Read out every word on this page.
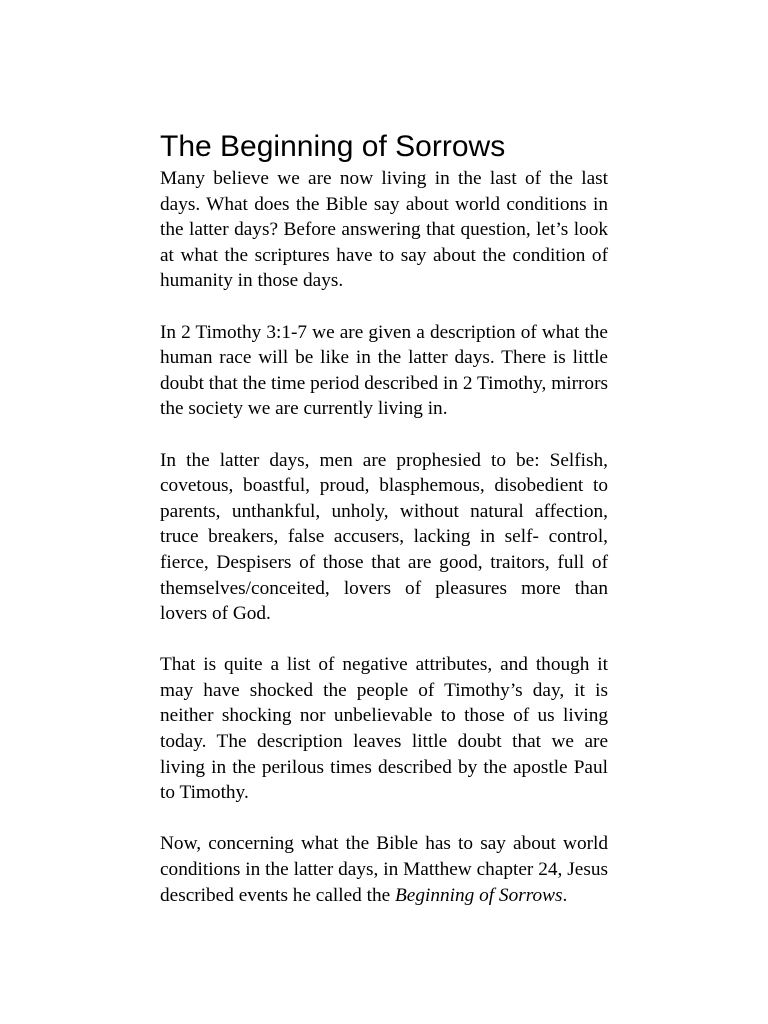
The Beginning of Sorrows

Many believe we are now living in the last of the last days. What does the Bible say about world conditions in the latter days? Before answering that question, let’s look at what the scriptures have to say about the condition of humanity in those days.

In 2 Timothy 3:1-7 we are given a description of what the human race will be like in the latter days. There is little doubt that the time period described in 2 Timothy, mirrors the society we are currently living in.

In the latter days, men are prophesied to be: Selfish, covetous, boastful, proud, blasphemous, disobedient to parents, unthankful, unholy, without natural affection, truce breakers, false accusers, lacking in self- control, fierce, Despisers of those that are good, traitors, full of themselves/conceited, lovers of pleasures more than lovers of God.

That is quite a list of negative attributes, and though it may have shocked the people of Timothy’s day, it is neither shocking nor unbelievable to those of us living today. The description leaves little doubt that we are living in the perilous times described by the apostle Paul to Timothy.

Now, concerning what the Bible has to say about world conditions in the latter days, in Matthew chapter 24, Jesus described events he called the Beginning of Sorrows.
